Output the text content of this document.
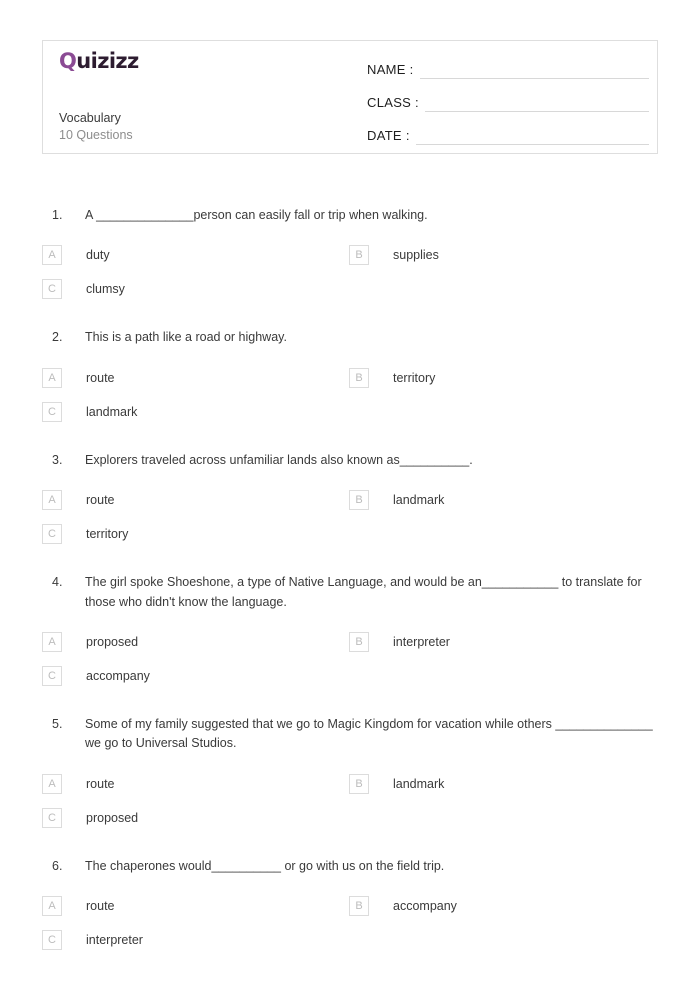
Quizizz
Vocabulary
10 Questions
NAME :
CLASS :
DATE :
1.	A ______________person can easily fall or trip when walking.
A	duty	B	supplies
C	clumsy
2.	This is a path like a road or highway.
A	route	B	territory
C	landmark
3.	Explorers traveled across unfamiliar lands also known as__________.
A	route	B	landmark
C	territory
4.	The girl spoke Shoeshone, a type of Native Language, and would be an___________ to translate for those who didn't know the language.
A	proposed	B	interpreter
C	accompany
5.	Some of my family suggested that we go to Magic Kingdom for vacation while others ______________ we go to Universal Studios.
A	route	B	landmark
C	proposed
6.	The chaperones would__________ or go with us on the field trip.
A	route	B	accompany
C	interpreter
